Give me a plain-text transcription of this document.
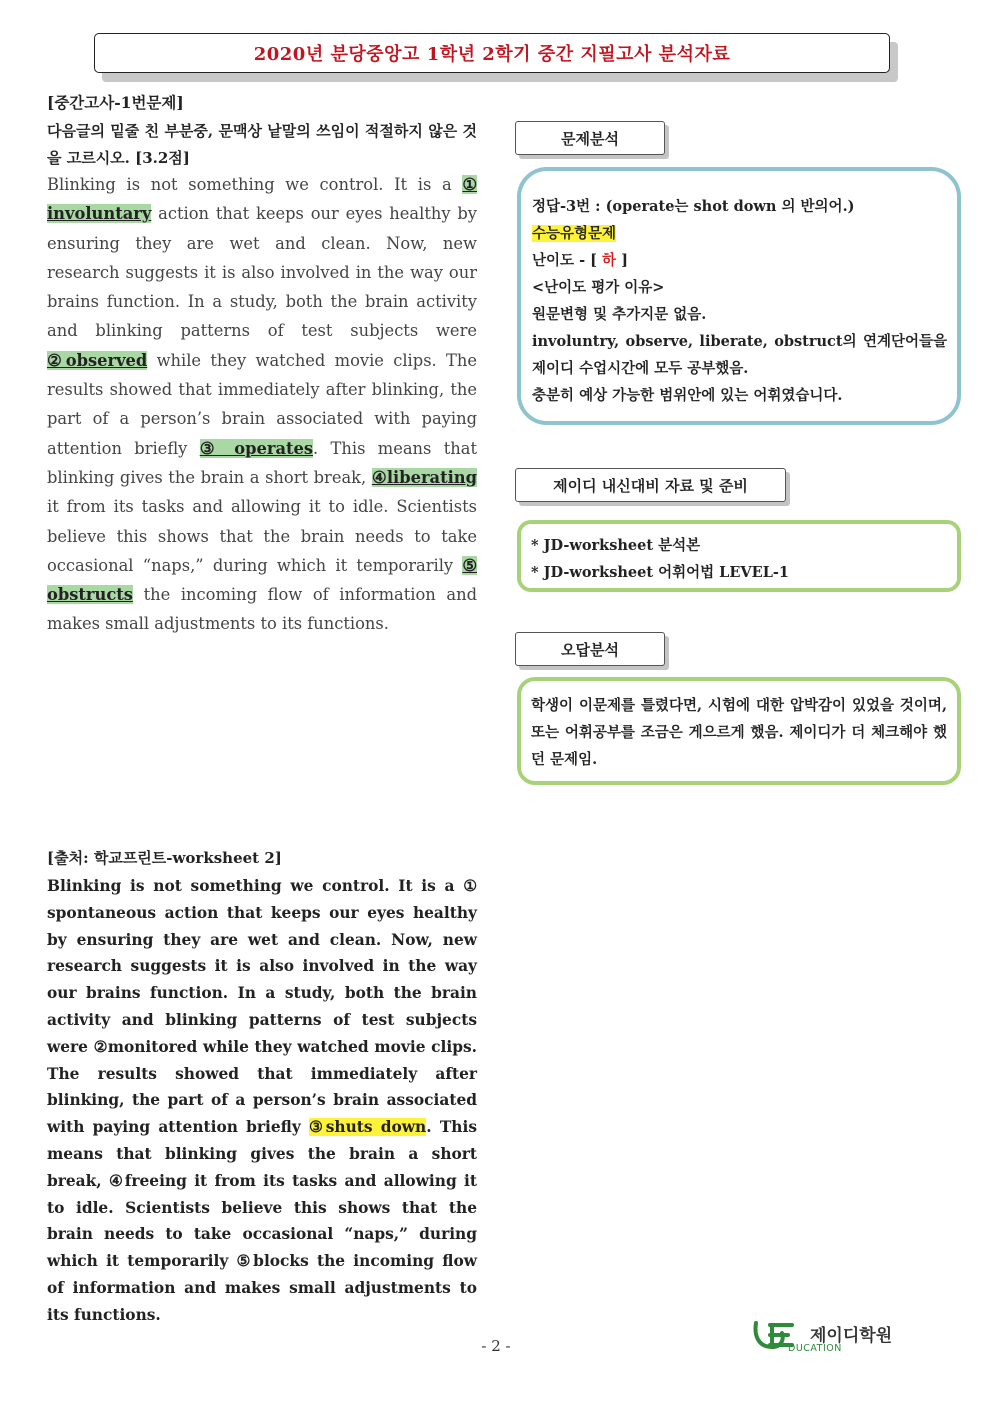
2020년 분당중앙고 1학년 2학기 중간 지필고사 분석자료
[중간고사-1번문제]
다음글의 밑줄 친 부분중, 문맥상 낱말의 쓰임이 적절하지 않은 것을 고르시오. [3.2점]
Blinking is not something we control. It is a ① involuntary action that keeps our eyes healthy by ensuring they are wet and clean. Now, new research suggests it is also involved in the way our brains function. In a study, both the brain activity and blinking patterns of test subjects were ②observed while they watched movie clips. The results showed that immediately after blinking, the part of a person’s brain associated with paying attention briefly ③ operates. This means that blinking gives the brain a short break, ④liberating it from its tasks and allowing it to idle. Scientists believe this shows that the brain needs to take occasional “naps,” during which it temporarily ⑤ obstructs the incoming flow of information and makes small adjustments to its functions.
[출처: 학교프린트-worksheet 2]
Blinking is not something we control. It is a ① spontaneous action that keeps our eyes healthy by ensuring they are wet and clean. Now, new research suggests it is also involved in the way our brains function. In a study, both the brain activity and blinking patterns of test subjects were ②monitored while they watched movie clips. The results showed that immediately after blinking, the part of a person’s brain associated with paying attention briefly ③shuts down. This means that blinking gives the brain a short break, ④freeing it from its tasks and allowing it to idle. Scientists believe this shows that the brain needs to take occasional “naps,” during which it temporarily ⑤blocks the incoming flow of information and makes small adjustments to its functions.
문제분석
정답-3번 : (operate는 shot down 의 반의어.)
수능유형문제
난이도 - [ 하 ]
<난이도 평가 이유>
원문변형 및 추가지문 없음.
involuntry, observe, liberate, obstruct의 연계단어들을 제이디 수업시간에 모두 공부했음.
충분히 예상 가능한 범위안에 있는 어휘였습니다.
제이디 내신대비 자료 및 준비
* JD-worksheet 분석본
* JD-worksheet 어휘어법 LEVEL-1
오답분석
학생이 이문제를 틀렸다면, 시험에 대한 압박감이 있었을 것이며, 또는 어휘공부를 조금은 게으르게 했음. 제이디가 더 체크해야 했던 문제임.
- 2 -	제이디학원
DUCATION
